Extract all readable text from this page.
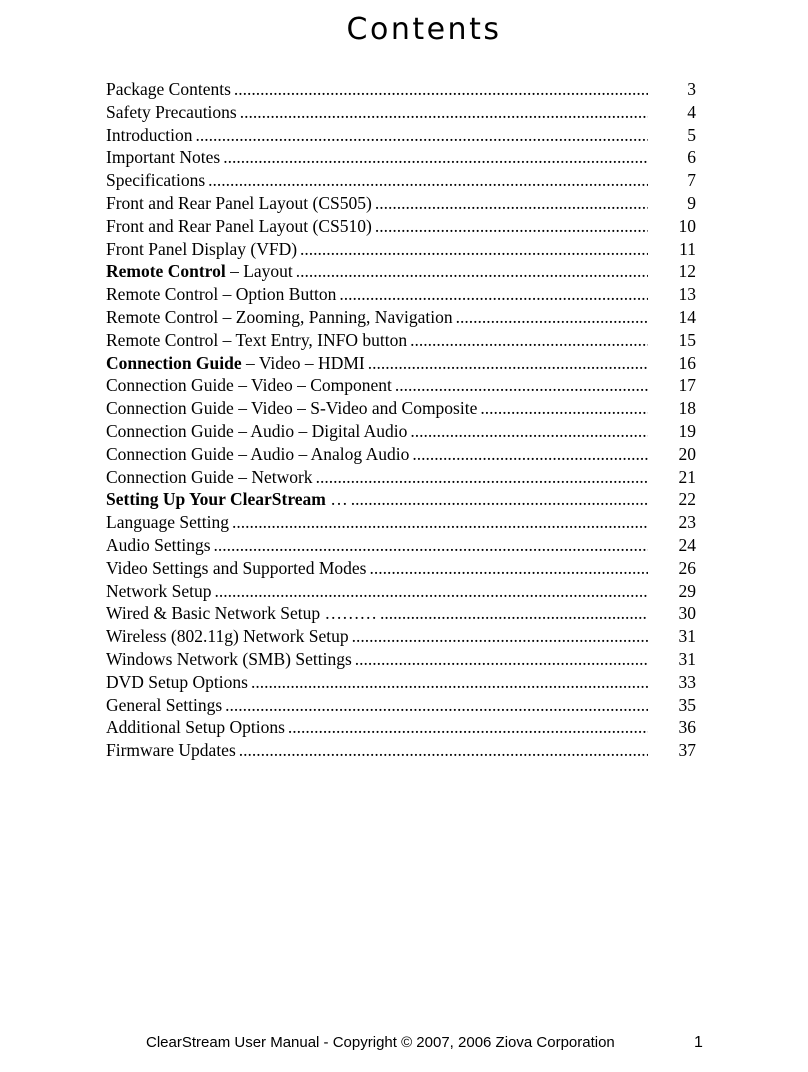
Contents
Package Contents .....	3
Safety Precautions .....	4
Introduction .....	5
Important Notes .....	6
Specifications .....	7
Front and Rear Panel Layout (CS505) .....	9
Front and Rear Panel Layout (CS510) .....	10
Front Panel Display (VFD) .....	11
Remote Control – Layout .....	12
Remote Control – Option Button .....	13
Remote Control – Zooming, Panning, Navigation .....	14
Remote Control – Text Entry, INFO button .....	15
Connection Guide – Video – HDMI .....	16
Connection Guide – Video – Component .....	17
Connection Guide – Video – S-Video and Composite .....	18
Connection Guide – Audio – Digital Audio .....	19
Connection Guide – Audio – Analog Audio .....	20
Connection Guide – Network .....	21
Setting Up Your ClearStream … .....	22
Language Setting .....	23
Audio Settings .....	24
Video Settings and Supported Modes .....	26
Network Setup .....	29
Wired & Basic Network Setup ……… .....	30
Wireless (802.11g) Network Setup .....	31
Windows Network (SMB) Settings .....	31
DVD Setup Options .....	33
General Settings .....	35
Additional Setup Options .....	36
Firmware Updates .....	37
ClearStream User Manual - Copyright © 2007, 2006 Ziova Corporation	1
